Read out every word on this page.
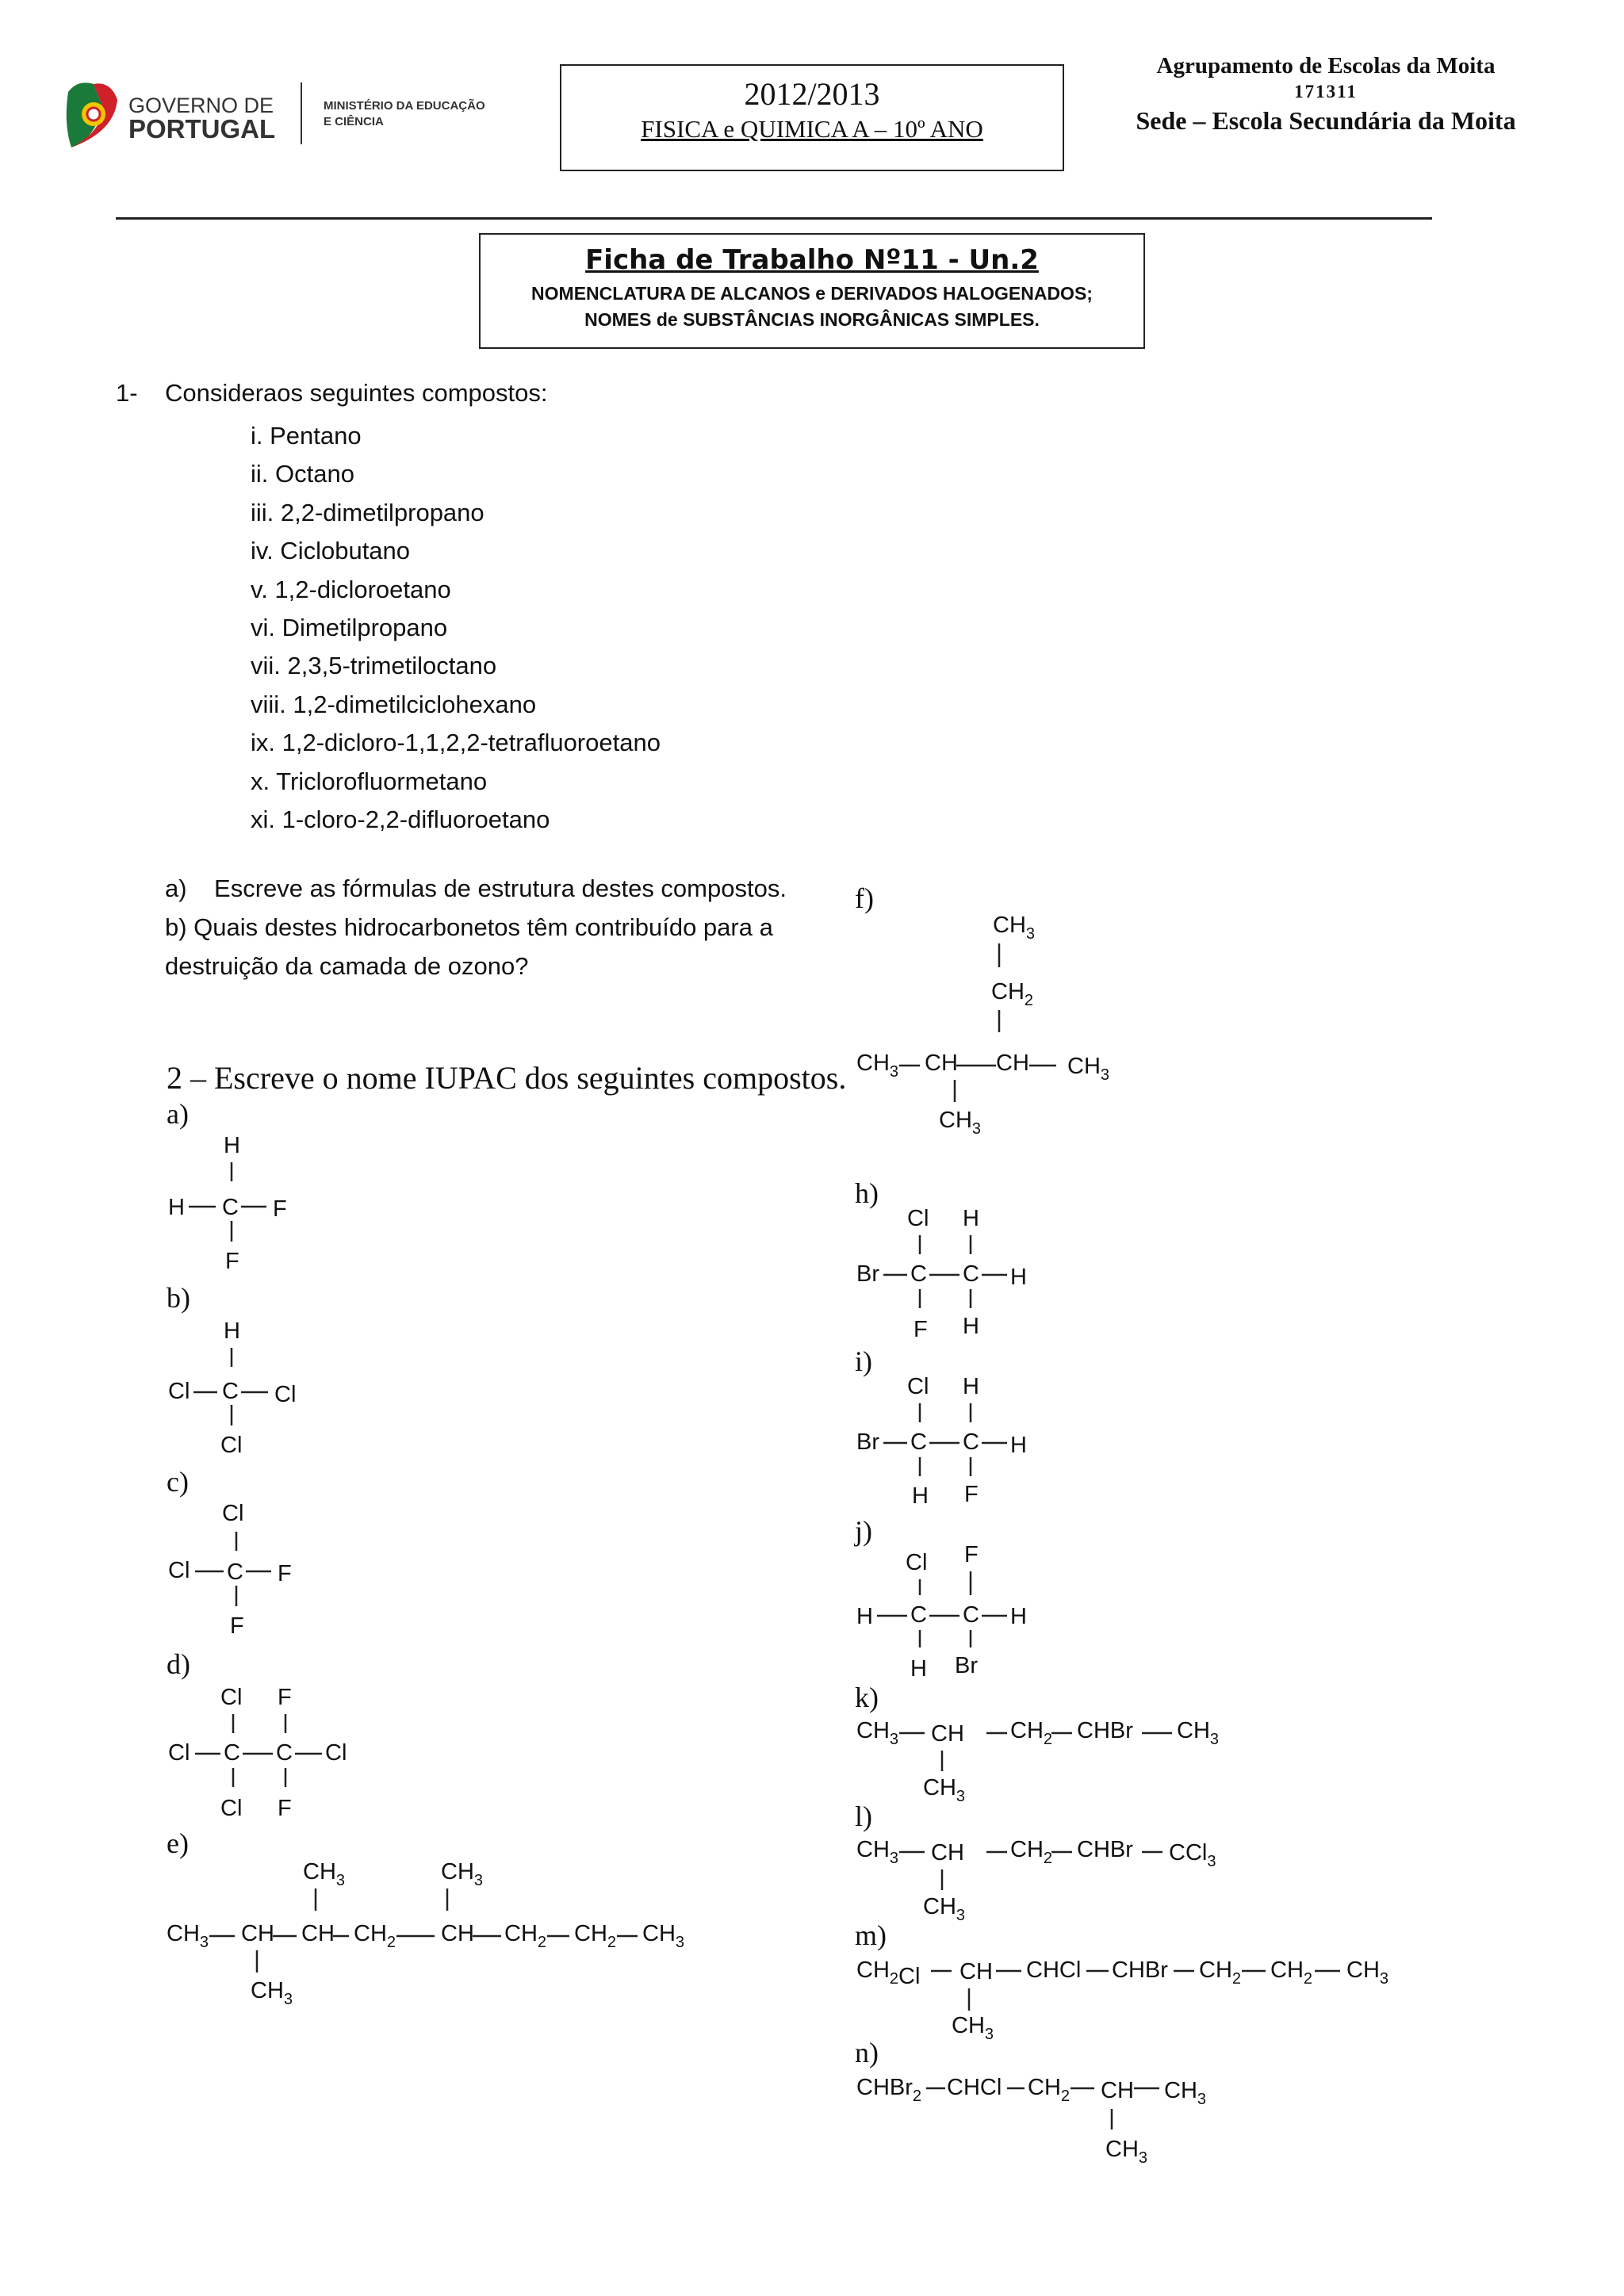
GOVERNO DE
PORTUGAL
MINISTÉRIO DA EDUCAÇÃO
E CIÊNCIA
2012/2013
FISICA e QUIMICA A – 10º ANO
Agrupamento de Escolas da Moita
171311
Sede – Escola Secundária da Moita
Ficha de Trabalho Nº11 - Un.2
NOMENCLATURA DE ALCANOS e DERIVADOS HALOGENADOS;
NOMES de SUBSTÂNCIAS INORGÂNICAS SIMPLES.
1- Consideraos seguintes compostos:
i. Pentano
ii. Octano
iii. 2,2-dimetilpropano
iv. Ciclobutano
v. 1,2-dicloroetano
vi. Dimetilpropano
vii. 2,3,5-trimetiloctano
viii. 1,2-dimetilciclohexano
ix. 1,2-dicloro-1,1,2,2-tetrafluoroetano
x. Triclorofluormetano
xi. 1-cloro-2,2-difluoroetano
a)    Escreve as fórmulas de estrutura destes compostos.
b) Quais destes hidrocarbonetos têm contribuído para a
destruição da camada de ozono?
2 – Escreve o nome IUPAC dos seguintes compostos.
a)
H
H C F
F
b)
H
Cl C Cl
Cl
c)
Cl
Cl C F
F
d)
Cl F
Cl C C Cl
Cl F
e)
$CH_3$	$CH_3$
$CH_3$ CH CH $CH_2$ CH $CH_2$ $CH_2$ $CH_3$
$CH_3$
f)
$CH_3$
$CH_2$
$CH_3$ CH CH $CH_3$
$CH_3$
h)
Cl H
Br C C H
F H
i)
Cl H
Br C C H
H F
j)
Cl F
H C C H
H Br
k)
$CH_3$ CH $CH_2$ CHBr $CH_3$
$CH_3$
l)
$CH_3$ CH $CH_2$ CHBr CCl$_3$
$CH_3$
m)
$CH_2Cl$ CH CHCl CHBr $CH_2$ $CH_2$ $CH_3$
$CH_3$
n)
CHBr$_2$ CHCl $CH_2$ CH $CH_3$
$CH_3$
